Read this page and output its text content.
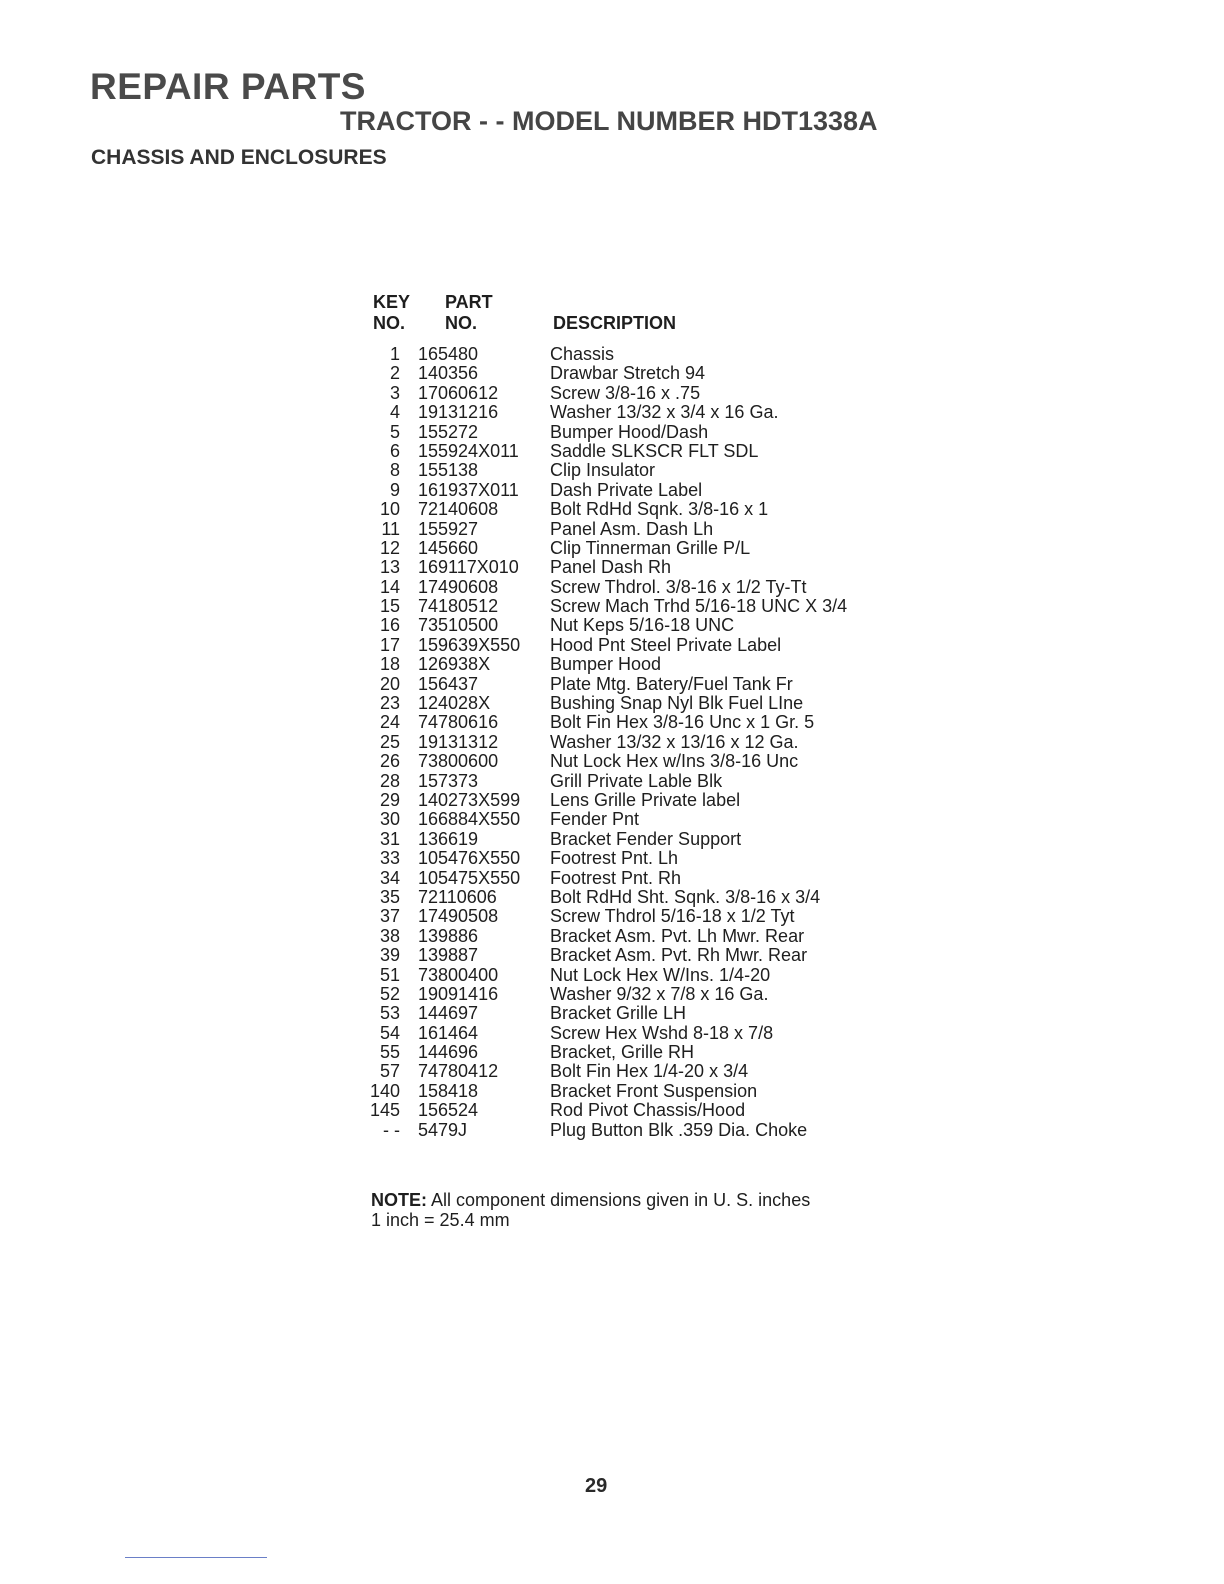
REPAIR PARTS
TRACTOR - - MODEL NUMBER HDT1338A
CHASSIS AND ENCLOSURES
KEY
NO.
PART
NO.	DESCRIPTION
1 165480	Chassis
2 140356	Drawbar Stretch 94
3 17060612	Screw 3/8-16 x .75
4 19131216	Washer 13/32 x 3/4 x 16 Ga.
5 155272	Bumper Hood/Dash
6 155924X011 Saddle SLKSCR FLT SDL
8 155138	Clip Insulator
9 161937X011 Dash Private Label
10 72140608	Bolt RdHd Sqnk. 3/8-16 x 1
11 155927	Panel Asm. Dash Lh
12 145660	Clip Tinnerman Grille P/L
13 169117X010 Panel Dash Rh
14 17490608	Screw Thdrol. 3/8-16 x 1/2 Ty-Tt
15 74180512	Screw Mach Trhd 5/16-18 UNC X 3/4
16 73510500	Nut Keps 5/16-18 UNC
17 159639X550 Hood Pnt Steel Private Label
18 126938X	Bumper Hood
20 156437	Plate Mtg. Batery/Fuel Tank Fr
23 124028X	Bushing Snap Nyl Blk Fuel LIne
24 74780616	Bolt Fin Hex 3/8-16 Unc x 1 Gr. 5
25 19131312	Washer 13/32 x 13/16 x 12 Ga.
26 73800600	Nut Lock Hex w/Ins 3/8-16 Unc
28 157373	Grill Private Lable Blk
29 140273X599 Lens Grille Private label
30 166884X550 Fender Pnt
31 136619	Bracket Fender Support
33 105476X550 Footrest Pnt. Lh
34 105475X550 Footrest Pnt. Rh
35 72110606	Bolt RdHd Sht. Sqnk. 3/8-16 x 3/4
37 17490508	Screw Thdrol 5/16-18 x 1/2 Tyt
38 139886	Bracket Asm. Pvt. Lh Mwr. Rear
39 139887	Bracket Asm. Pvt. Rh Mwr. Rear
51 73800400	Nut Lock Hex W/Ins. 1/4-20
52 19091416	Washer 9/32 x 7/8 x 16 Ga.
53 144697	Bracket Grille LH
54 161464	Screw Hex Wshd 8-18 x 7/8
55 144696	Bracket, Grille RH
57 74780412	Bolt Fin Hex 1/4-20 x 3/4
140 158418	Bracket Front Suspension
145 156524	Rod Pivot Chassis/Hood
- - 5479J	Plug Button Blk .359 Dia. Choke
NOTE: All component dimensions given in U. S. inches
1 inch = 25.4 mm
29
